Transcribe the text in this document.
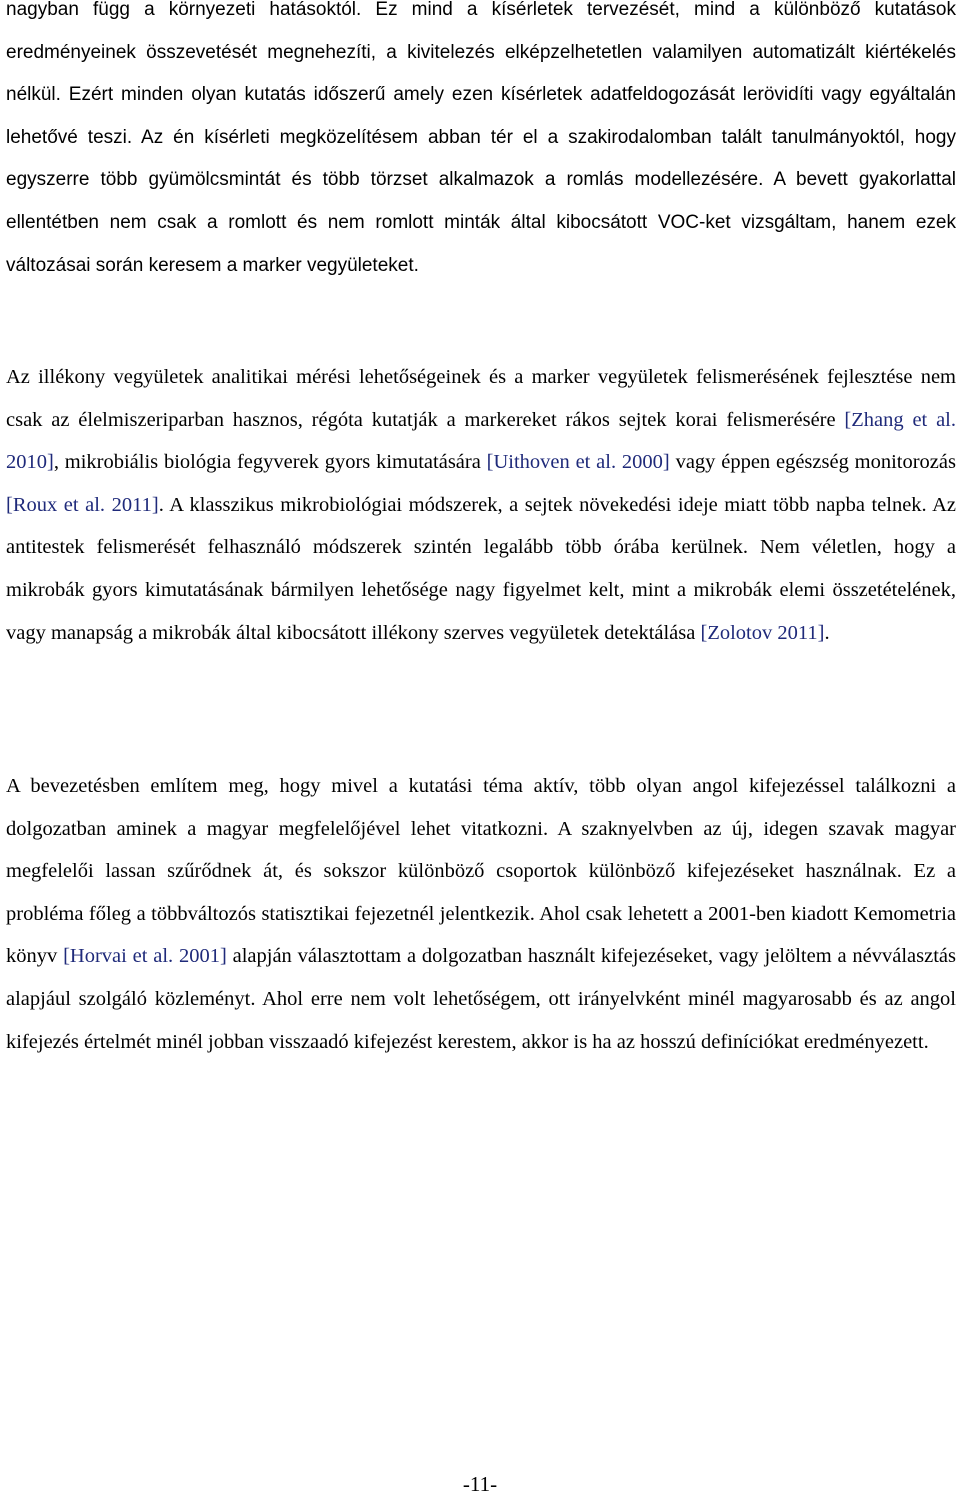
nagyban függ a környezeti hatásoktól. Ez mind a kísérletek tervezését, mind a különböző kutatások eredményeinek összevetését megnehezíti, a kivitelezés elképzelhetetlen valamilyen automatizált kiértékelés nélkül. Ezért minden olyan kutatás időszerű amely ezen kísérletek adatfeldogozását lerövidíti vagy egyáltalán lehetővé teszi. Az én kísérleti megközelítésem abban tér el a szakirodalomban talált tanulmányoktól, hogy egyszerre több gyümölcsmintát és több törzset alkalmazok a romlás modellezésére. A bevett gyakorlattal ellentétben nem csak a romlott és nem romlott minták által kibocsátott VOC-ket vizsgáltam, hanem ezek változásai során keresem a marker vegyületeket.

Az illékony vegyületek analitikai mérési lehetőségeinek és a marker vegyületek felismerésének fejlesztése nem csak az élelmiszeriparban hasznos, régóta kutatják a markereket rákos sejtek korai felismerésére [Zhang et al. 2010], mikrobiális biológia fegyverek gyors kimutatására [Uithoven et al. 2000] vagy éppen egészség monitorozás [Roux et al. 2011]. A klasszikus mikrobiológiai módszerek, a sejtek növekedési ideje miatt több napba telnek. Az antitestek felismerését felhasználó módszerek szintén legalább több órába kerülnek. Nem véletlen, hogy a mikrobák gyors kimutatásának bármilyen lehetősége nagy figyelmet kelt, mint a mikrobák elemi összetételének, vagy manapság a mikrobák által kibocsátott illékony szerves vegyületek detektálása [Zolotov 2011].

A bevezetésben említem meg, hogy mivel a kutatási téma aktív, több olyan angol kifejezéssel találkozni a dolgozatban aminek a magyar megfelelőjével lehet vitatkozni. A szaknyelvben az új, idegen szavak magyar megfelelői lassan szűrődnek át, és sokszor különböző csoportok különböző kifejezéseket használnak. Ez a probléma főleg a többváltozós statisztikai fejezetnél jelentkezik. Ahol csak lehetett a 2001-ben kiadott Kemometria könyv [Horvai et al. 2001] alapján választottam a dolgozatban használt kifejezéseket, vagy jelöltem a névválasztás alapjául szolgáló közleményt. Ahol erre nem volt lehetőségem, ott irányelvként minél magyarosabb és az angol kifejezés értelmét minél jobban visszaadó kifejezést kerestem, akkor is ha az hosszú definíciókat eredményezett.

-11-
